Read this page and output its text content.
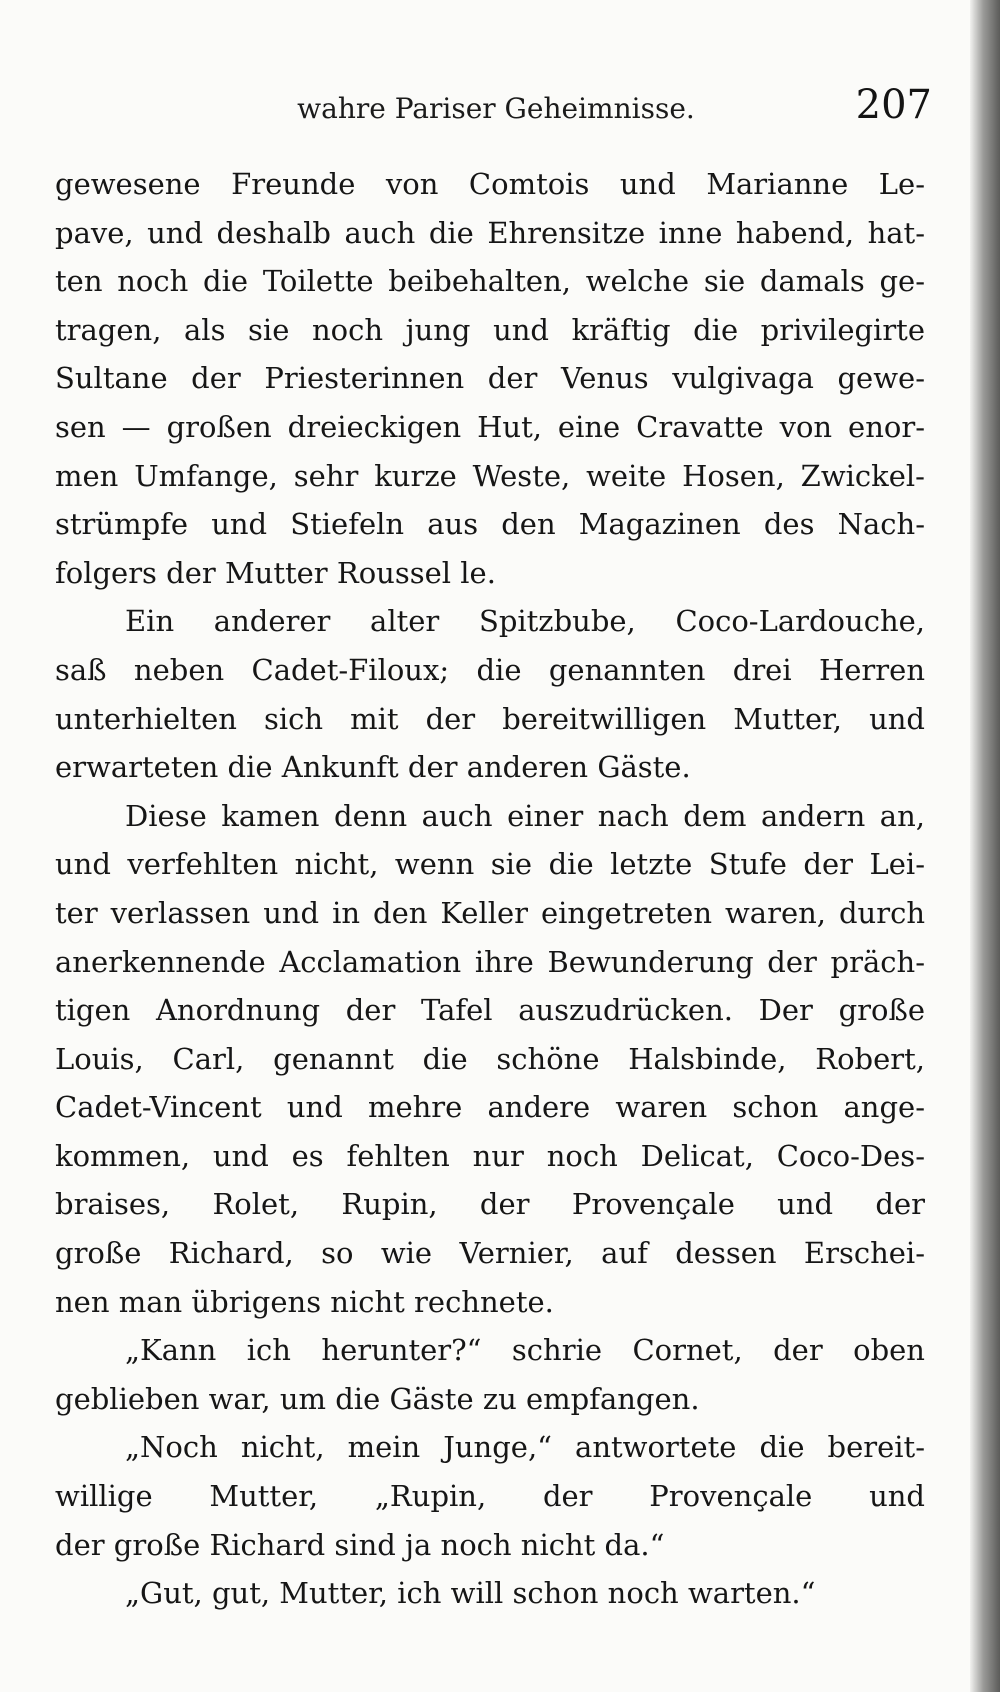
wahre Pariser Geheimnisse.	207
gewesene Freunde von Comtois und Marianne Le-
pave, und deshalb auch die Ehrensitze inne habend, hat-
ten noch die Toilette beibehalten, welche sie damals ge-
tragen, als sie noch jung und kräftig die privilegirte
Sultane der Priesterinnen der Venus vulgivaga gewe-
sen — großen dreieckigen Hut, eine Cravatte von enor-
men Umfange, sehr kurze Weste, weite Hosen, Zwickel-
strümpfe und Stiefeln aus den Magazinen des Nach-
folgers der Mutter Roussel le.
Ein anderer alter Spitzbube, Coco-Lardouche,
saß neben Cadet-Filoux; die genannten drei Herren
unterhielten sich mit der bereitwilligen Mutter, und
erwarteten die Ankunft der anderen Gäste.
Diese kamen denn auch einer nach dem andern an,
und verfehlten nicht, wenn sie die letzte Stufe der Lei-
ter verlassen und in den Keller eingetreten waren, durch
anerkennende Acclamation ihre Bewunderung der präch-
tigen Anordnung der Tafel auszudrücken. Der große
Louis, Carl, genannt die schöne Halsbinde, Robert,
Cadet-Vincent und mehre andere waren schon ange-
kommen, und es fehlten nur noch Delicat, Coco-Des-
braises, Rolet, Rupin, der Provençale und der
große Richard, so wie Vernier, auf dessen Erschei-
nen man übrigens nicht rechnete.
„Kann ich herunter?“ schrie Cornet, der oben
geblieben war, um die Gäste zu empfangen.
„Noch nicht, mein Junge,“ antwortete die bereit-
willige Mutter, „Rupin, der Provençale und
der große Richard sind ja noch nicht da.“
„Gut, gut, Mutter, ich will schon noch warten.“
